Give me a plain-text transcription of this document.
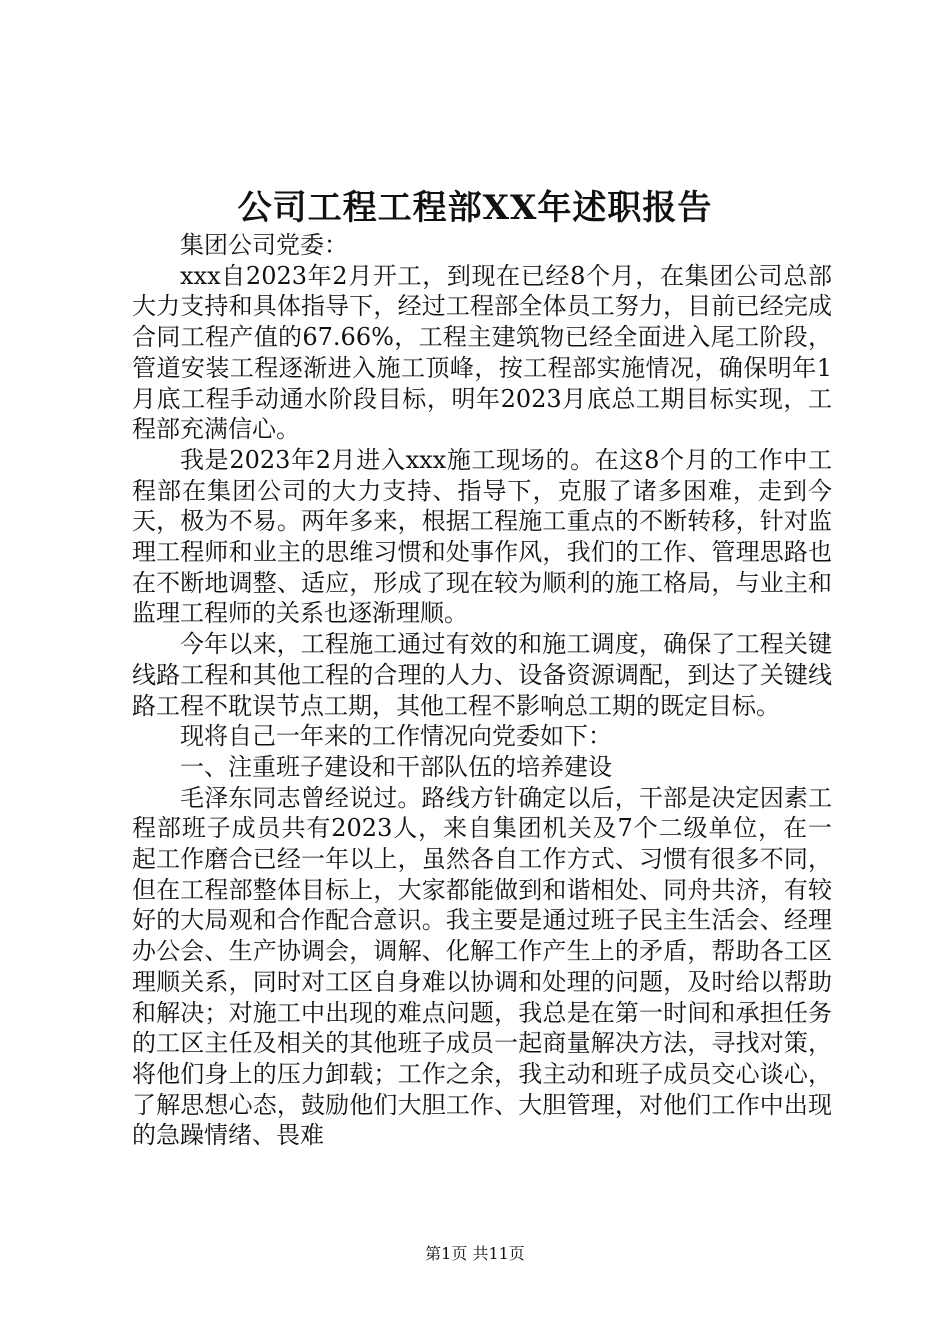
公司工程工程部XX年述职报告

集团公司党委：

xxx自2023年2月开工，到现在已经8个月，在集团公司总部大力支持和具体指导下，经过工程部全体员工努力，目前已经完成合同工程产值的67.66%，工程主建筑物已经全面进入尾工阶段，管道安装工程逐渐进入施工顶峰，按工程部实施情况，确保明年1月底工程手动通水阶段目标，明年2023月底总工期目标实现，工程部充满信心。

我是2023年2月进入xxx施工现场的。在这8个月的工作中工程部在集团公司的大力支持、指导下，克服了诸多困难，走到今天，极为不易。两年多来，根据工程施工重点的不断转移，针对监理工程师和业主的思维习惯和处事作风，我们的工作、管理思路也在不断地调整、适应，形成了现在较为顺利的施工格局，与业主和监理工程师的关系也逐渐理顺。

今年以来，工程施工通过有效的和施工调度，确保了工程关键线路工程和其他工程的合理的人力、设备资源调配，到达了关键线路工程不耽误节点工期，其他工程不影响总工期的既定目标。

现将自己一年来的工作情况向党委如下：

一、注重班子建设和干部队伍的培养建设

毛泽东同志曾经说过。路线方针确定以后，干部是决定因素工程部班子成员共有2023人，来自集团机关及7个二级单位，在一起工作磨合已经一年以上，虽然各自工作方式、习惯有很多不同，但在工程部整体目标上，大家都能做到和谐相处、同舟共济，有较好的大局观和合作配合意识。我主要是通过班子民主生活会、经理办公会、生产协调会，调解、化解工作产生上的矛盾，帮助各工区理顺关系，同时对工区自身难以协调和处理的问题，及时给以帮助和解决；对施工中出现的难点问题，我总是在第一时间和承担任务的工区主任及相关的其他班子成员一起商量解决方法，寻找对策，将他们身上的压力卸载；工作之余，我主动和班子成员交心谈心，了解思想心态，鼓励他们大胆工作、大胆管理，对他们工作中出现的急躁情绪、畏难

第1页 共11页
